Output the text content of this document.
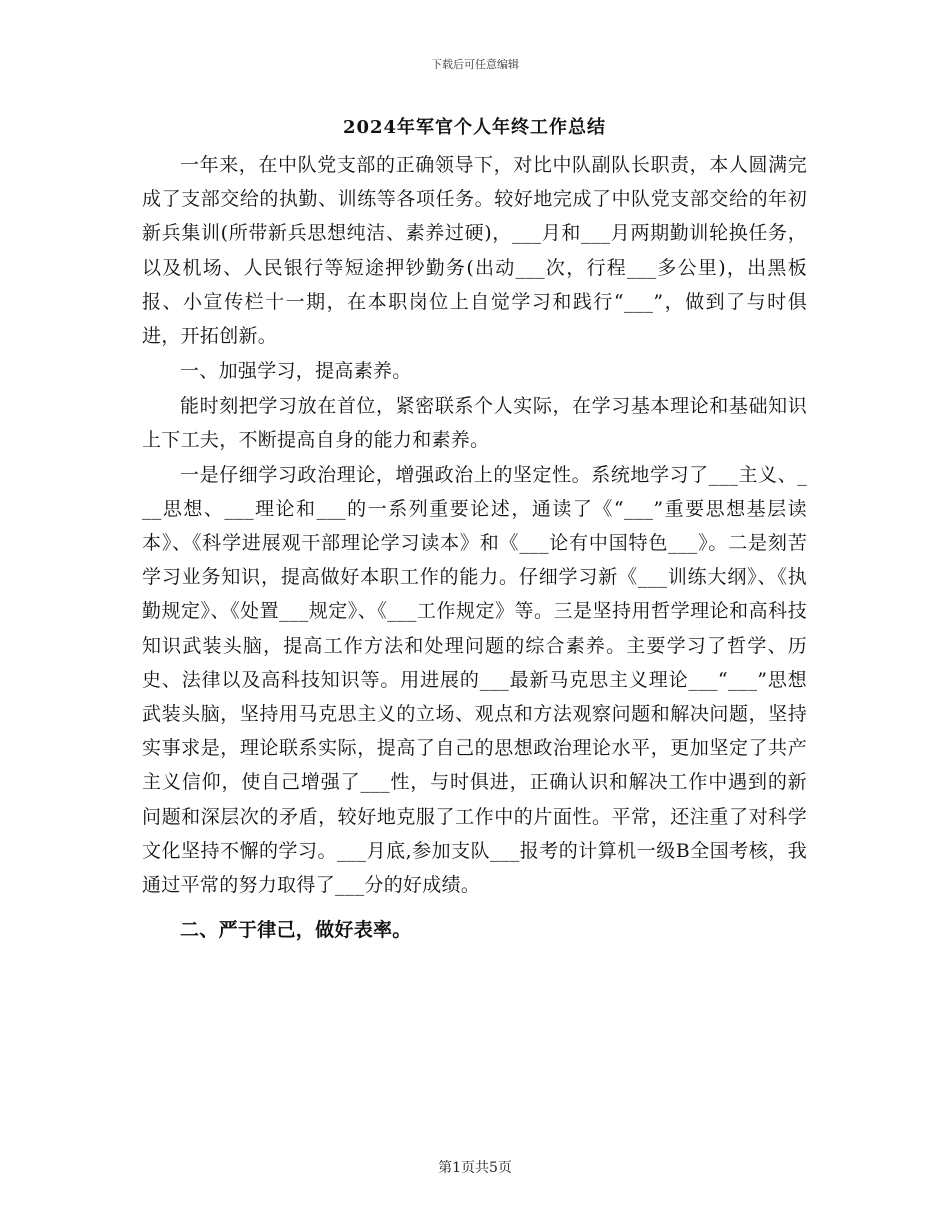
下载后可任意编辑
2024年军官个人年终工作总结

一年来，在中队党支部的正确领导下，对比中队副队长职责，本人圆满完成了支部交给的执勤、训练等各项任务。较好地完成了中队党支部交给的年初新兵集训(所带新兵思想纯洁、素养过硬)，___月和___月两期勤训轮换任务，以及机场、人民银行等短途押钞勤务(出动___次，行程___多公里)，出黑板报、小宣传栏十一期，在本职岗位上自觉学习和践行“___”，做到了与时俱进，开拓创新。

一、加强学习，提高素养。

能时刻把学习放在首位，紧密联系个人实际，在学习基本理论和基础知识上下工夫，不断提高自身的能力和素养。

一是仔细学习政治理论，增强政治上的坚定性。系统地学习了___主义、___思想、___理论和___的一系列重要论述，通读了《“___”重要思想基层读本》、《科学进展观干部理论学习读本》和《___论有中国特色___》。二是刻苦学习业务知识，提高做好本职工作的能力。仔细学习新《___训练大纲》、《执勤规定》、《处置___规定》、《___工作规定》等。三是坚持用哲学理论和高科技知识武装头脑，提高工作方法和处理问题的综合素养。主要学习了哲学、历史、法律以及高科技知识等。用进展的___最新马克思主义理论___“___”思想武装头脑，坚持用马克思主义的立场、观点和方法观察问题和解决问题，坚持实事求是，理论联系实际，提高了自己的思想政治理论水平，更加坚定了共产主义信仰，使自己增强了___性，与时俱进，正确认识和解决工作中遇到的新问题和深层次的矛盾，较好地克服了工作中的片面性。平常，还注重了对科学文化坚持不懈的学习。___月底,参加支队___报考的计算机一级B全国考核，我通过平常的努力取得了___分的好成绩。

二、严于律己，做好表率。

第1页共5页
